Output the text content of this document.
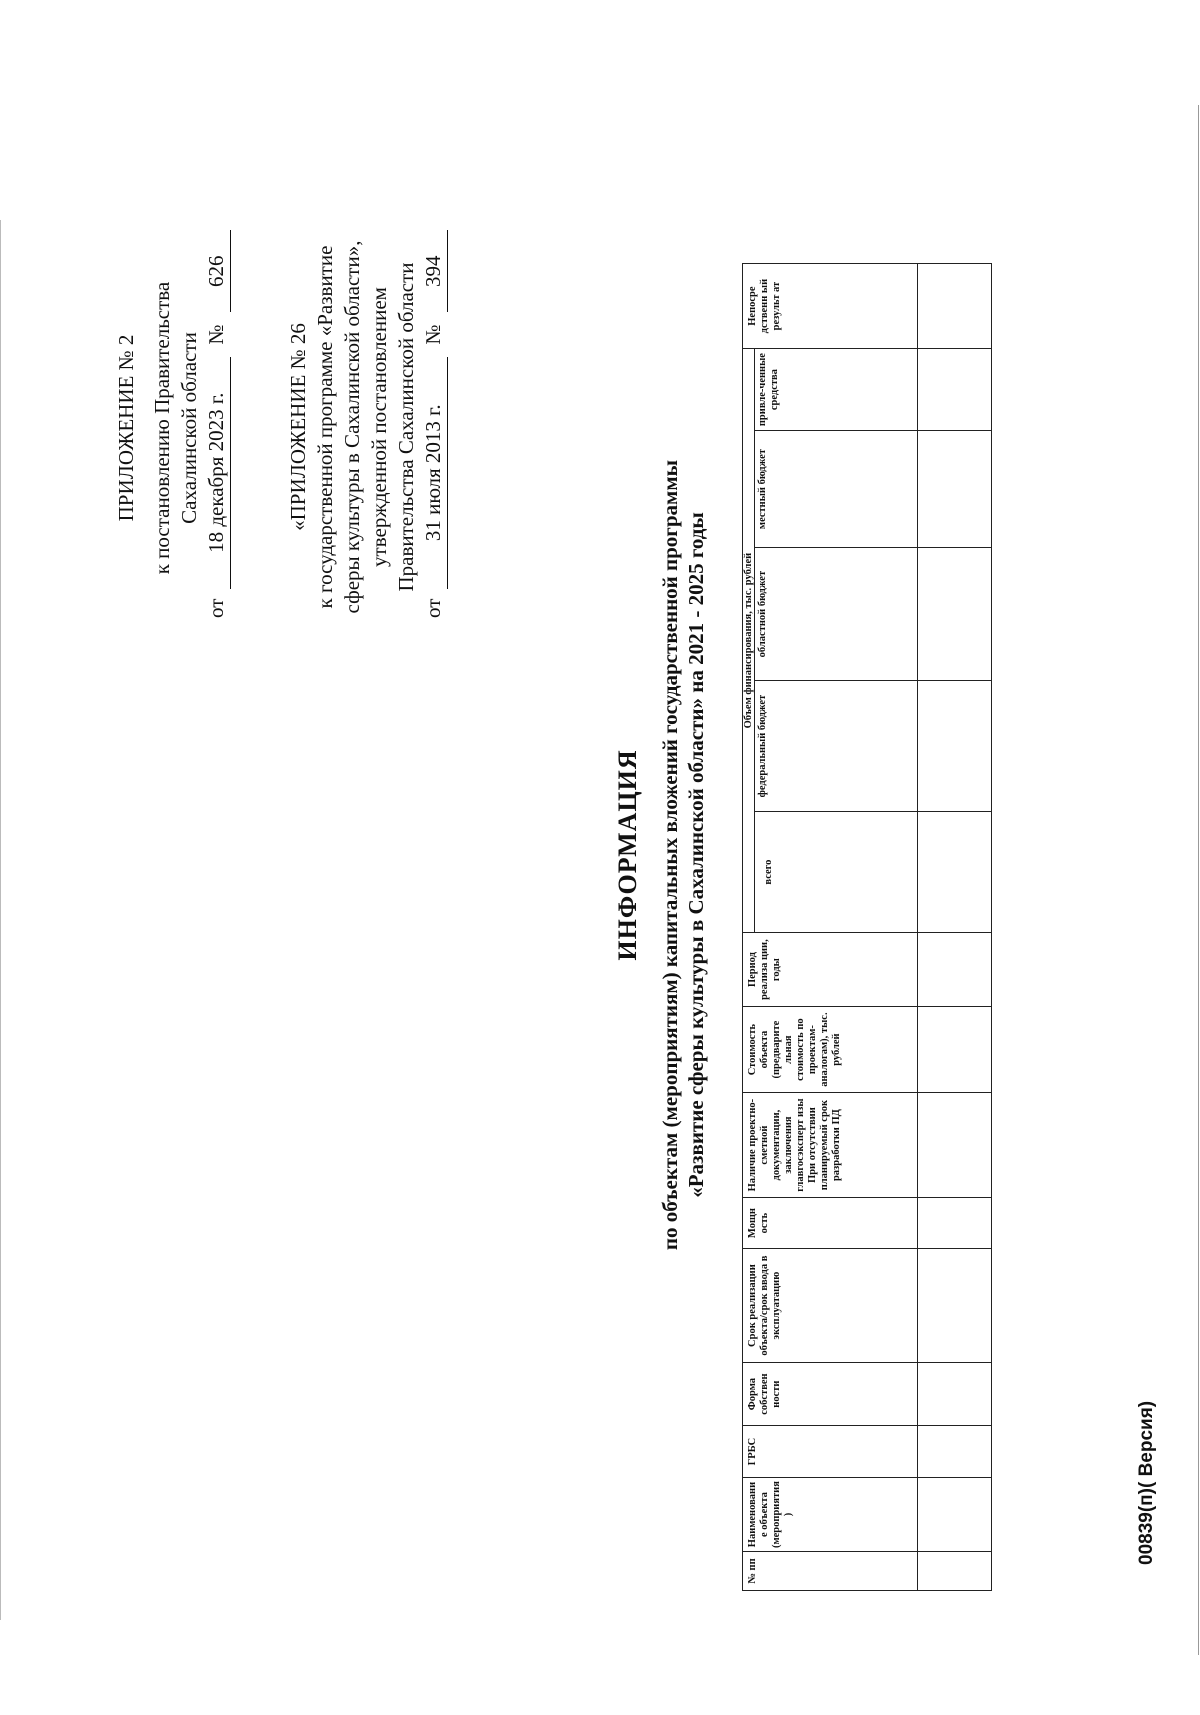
ПРИЛОЖЕНИЕ № 2 к постановлению Правительства Сахалинской области
от 18 декабря 2023 г. № 626
«ПРИЛОЖЕНИЕ № 26 к государственной программе «Развитие сферы культуры в Сахалинской области», утвержденной постановлением Правительства Сахалинской области
от 31 июля 2013 г. № 394
ИНФОРМАЦИЯ по объектам (мероприятиям) капитальных вложений государственной программы «Развитие сферы культуры в Сахалинской области» на 2021 - 2025 годы
№ пп	Наименовани е объекта (мероприятия )	ГРБС	Форма собствен ности	Срок реализации объекта/срок ввода в эксплуатацию	Мощн ость	Наличие проектно-сметной документации, заключения главгосэксперт изы При отсутствии планируемый срок разработки ПД	Стоимость объекта (предварите льная стоимость по проектам-аналогам), тыс. рублей	Период реализа ции, годы	Объем финансирования, тыс. рублей					Непосре дственн ый результ ат
									всего	федеральный бюджет	областной бюджет	местный бюджет	привле-ченные средства	

00839(п)( Версия)
